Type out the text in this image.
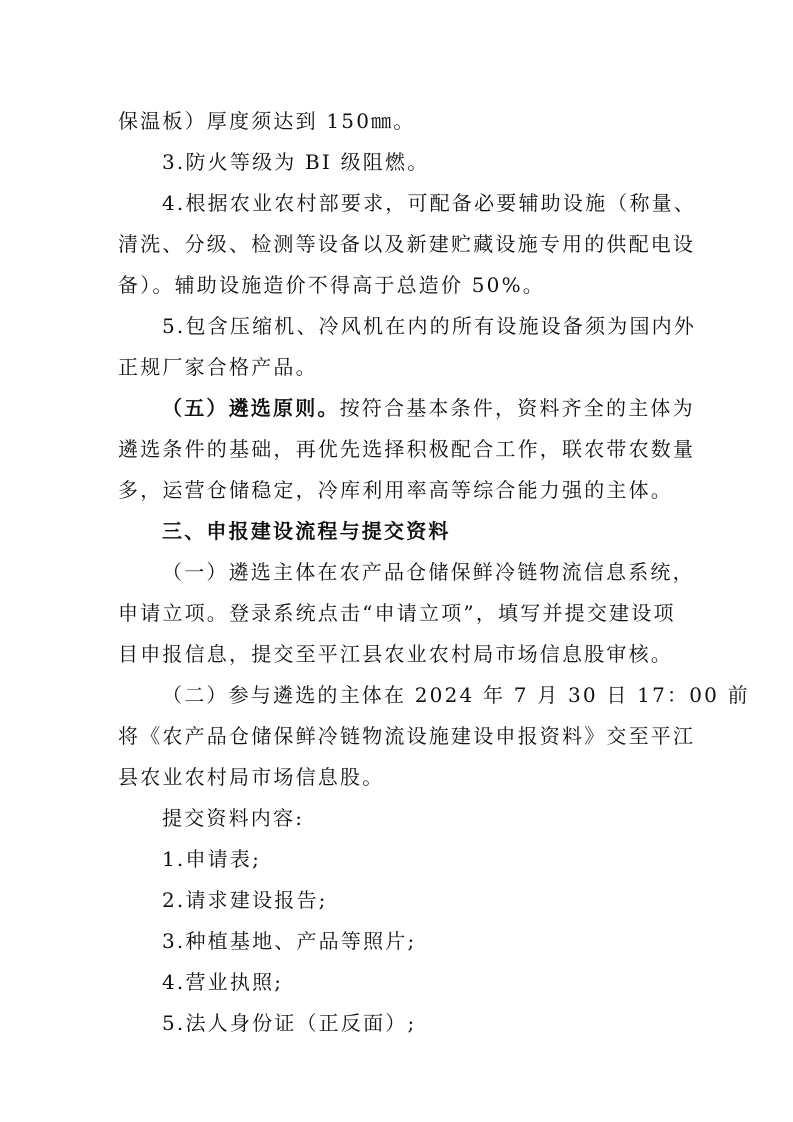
保温板）厚度须达到 150㎜。
3.防火等级为 BI 级阻燃。
4.根据农业农村部要求，可配备必要辅助设施（称量、
清洗、分级、检测等设备以及新建贮藏设施专用的供配电设
备）。辅助设施造价不得高于总造价 50%。
5.包含压缩机、冷风机在内的所有设施设备须为国内外
正规厂家合格产品。
（五）遴选原则。按符合基本条件，资料齐全的主体为
遴选条件的基础，再优先选择积极配合工作，联农带农数量
多，运营仓储稳定，冷库利用率高等综合能力强的主体。
三、申报建设流程与提交资料
（一）遴选主体在农产品仓储保鲜冷链物流信息系统，
申请立项。登录系统点击“申请立项”，填写并提交建设项
目申报信息，提交至平江县农业农村局市场信息股审核。
（二）参与遴选的主体在 2024 年 7 月 30 日 17：00 前
将《农产品仓储保鲜冷链物流设施建设申报资料》交至平江
县农业农村局市场信息股。
提交资料内容:
1.申请表;
2.请求建设报告;
3.种植基地、产品等照片;
4.营业执照;
5.法人身份证（正反面）;
